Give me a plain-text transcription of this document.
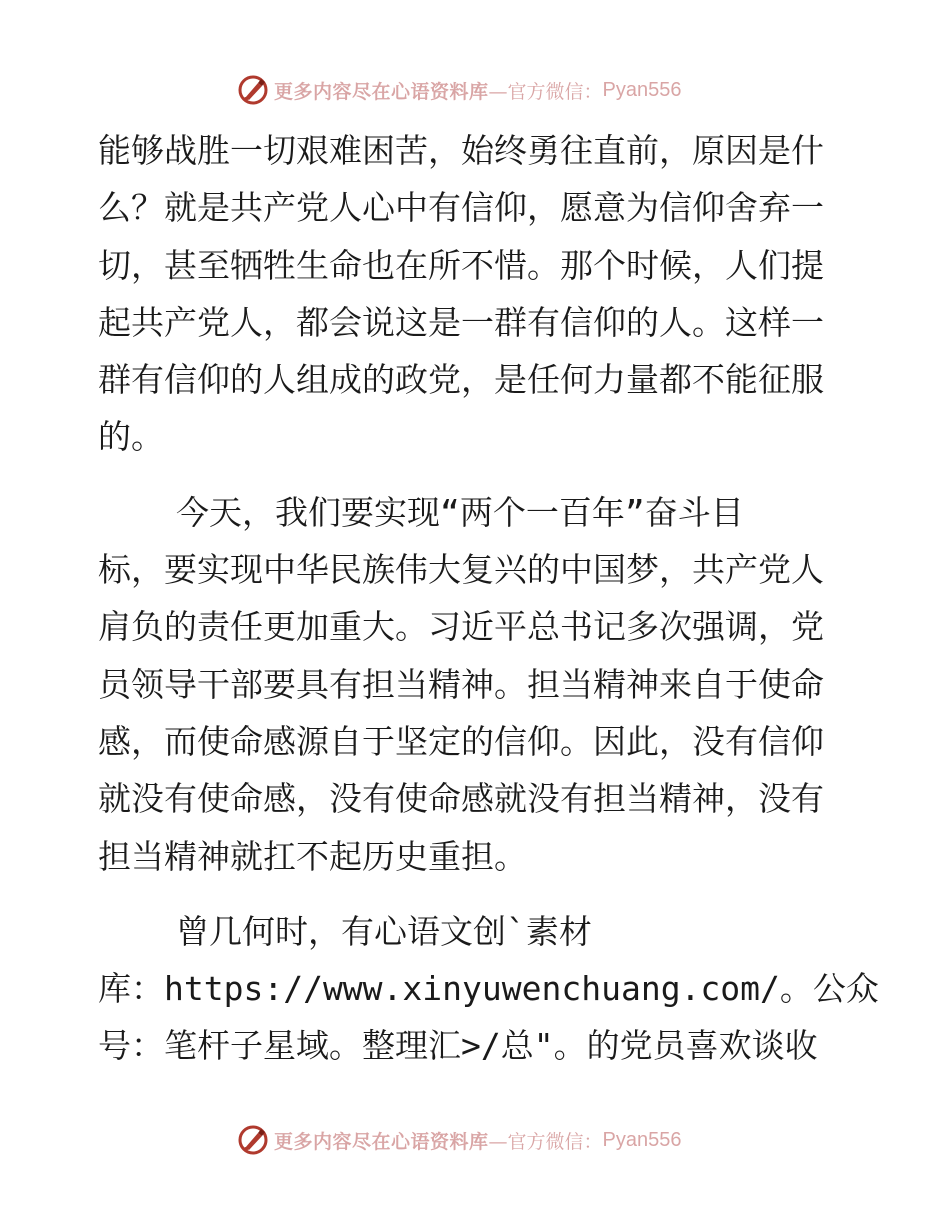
更多内容尽在心语资料库 —官方微信： Pyan556
能够战胜一切艰难困苦，始终勇往直前，原因是什
么？就是共产党人心中有信仰，愿意为信仰舍弃一
切，甚至牺牲生命也在所不惜。那个时候，人们提
起共产党人，都会说这是一群有信仰的人。这样一
群有信仰的人组成的政党，是任何力量都不能征服
的。
今天，我们要实现“两个一百年”奋斗目
标，要实现中华民族伟大复兴的中国梦，共产党人
肩负的责任更加重大。习近平总书记多次强调，党
员领导干部要具有担当精神。担当精神来自于使命
感，而使命感源自于坚定的信仰。因此，没有信仰
就没有使命感，没有使命感就没有担当精神，没有
担当精神就扛不起历史重担。
曾几何时，有心语文创`素材
库：https://www.xinyuwenchuang.com/。公众
号：笔杆子星域。整理汇>/总"。的党员喜欢谈收
更多内容尽在心语资料库 —官方微信： Pyan556
